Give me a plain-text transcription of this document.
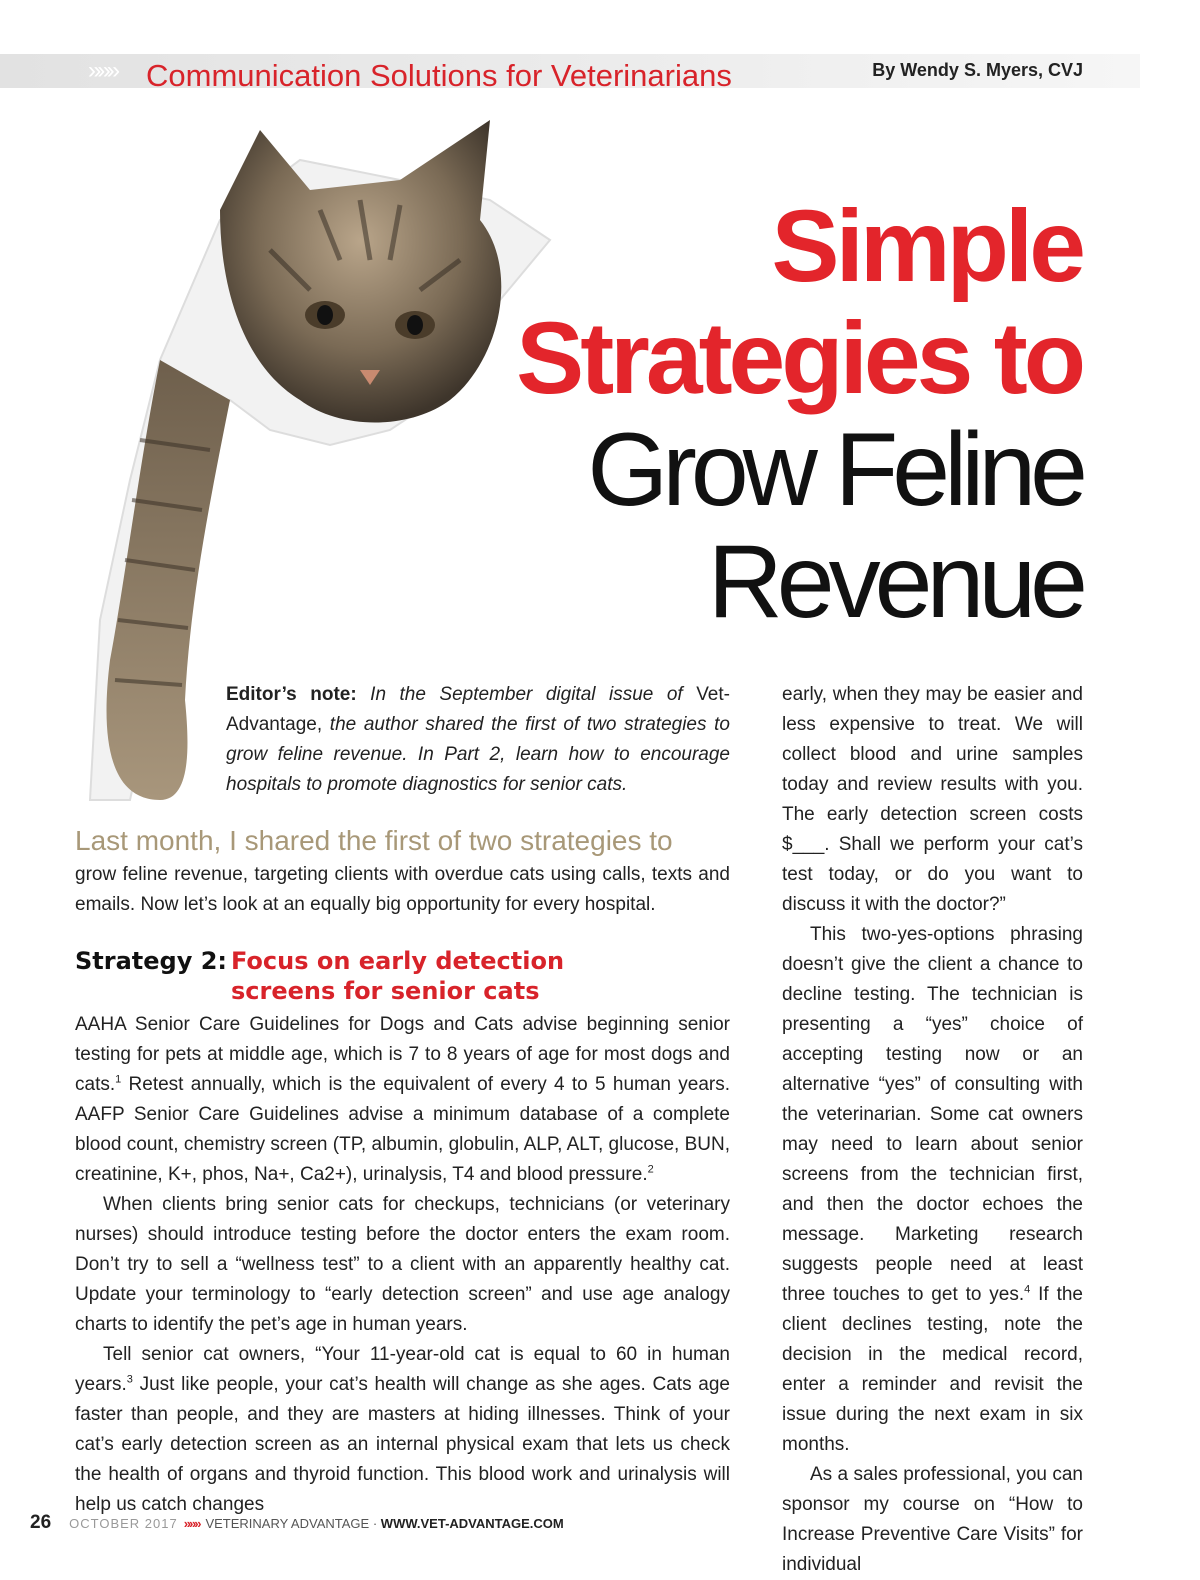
»»» Communication Solutions for Veterinarians	By Wendy S. Myers, CVJ
Simple
Strategies to
Grow Feline
Revenue
Editor’s note: In the September digital issue of Vet-Advantage, the author shared the first of two strategies to grow feline revenue. In Part 2, learn how to encourage hospitals to promote diagnostics for senior cats.
Last month, I shared the first of two strategies to

grow feline revenue, targeting clients with overdue cats using calls, texts and emails. Now let’s look at an equally big opportunity for every hospital.

Strategy 2: Focus on early detection screens for senior cats

AAHA Senior Care Guidelines for Dogs and Cats advise beginning senior testing for pets at middle age, which is 7 to 8 years of age for most dogs and cats.$^1$ Retest annually, which is the equivalent of every 4 to 5 human years. AAFP Senior Care Guidelines advise a minimum database of a complete blood count, chemistry screen (TP, albumin, globulin, ALP, ALT, glucose, BUN, creatinine, K+, phos, Na+, Ca2+), urinalysis, T4 and blood pressure.$^2$

When clients bring senior cats for checkups, technicians (or veterinary nurses) should introduce testing before the doctor enters the exam room. Don’t try to sell a “wellness test” to a client with an apparently healthy cat. Update your terminology to “early detection screen” and use age analogy charts to identify the pet’s age in human years.

Tell senior cat owners, “Your 11-year-old cat is equal to 60 in human years.$^3$ Just like people, your cat’s health will change as she ages. Cats age faster than people, and they are masters at hiding illnesses. Think of your cat’s early detection screen as an internal physical exam that lets us check the health of organs and thyroid function. This blood work and urinalysis will help us catch changes

early, when they may be easier and less expensive to treat. We will collect blood and urine samples today and review results with you. The early detection screen costs $___. Shall we perform your cat’s test today, or do you want to discuss it with the doctor?”

This two-yes-options phrasing doesn’t give the client a chance to decline testing. The technician is presenting a “yes” choice of accepting testing now or an alternative “yes” of consulting with the veterinarian. Some cat owners may need to learn about senior screens from the technician first, and then the doctor echoes the message. Marketing research suggests people need at least three touches to get to yes.$^4$ If the client declines testing, note the decision in the medical record, enter a reminder and revisit the issue during the next exam in six months.

As a sales professional, you can sponsor my course on “How to Increase Preventive Care Visits” for individual

26 OCTOBER 2017 »»» VETERINARY ADVANTAGE · WWW.VET-ADVANTAGE.COM
